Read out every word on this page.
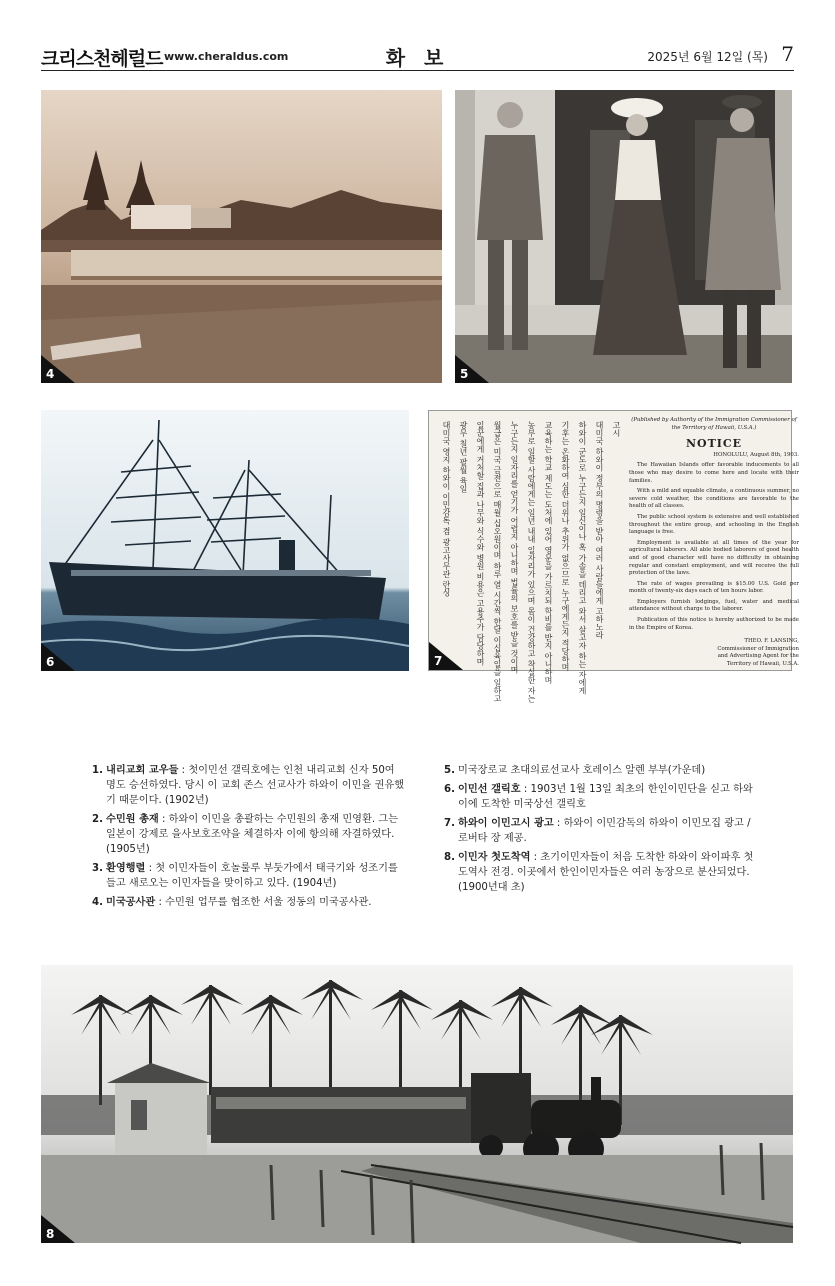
크리스천헤럴드 www.cheraldus.com	화 보	2025년 6월 12일 (목) 7
4	5
6
고시
대미국 하와이 정부의 명령을 받아 여러 사람들에게 고하노라
하와이 군도로 누구든지 일신이나 혹 가솔을 데리고 와서 살고자 하는 자에게
기후는 온화하여 심한 더위나 추위가 없으므로 누구에게든지 적당하며
교육하는 학교 제도는 도처에 있어 영문을 가르치되 학비를 받지 아니하며
농부로 일할 사람에게는 일년 내내 일자리가 있으며 몸이 건강하고 착실한 자는
누구든지 일자리를 얻기가 어렵지 아니하며 법률의 보호를 받을 것이며
월급은 미국 금전으로 매월 십오원이며 하루 열 시간씩 한달 이십육일을 일하고
일꾼에게 거처할 집과 나무와 식수와 병원 비용은 고용주가 담당하며
광무 칠년 팔월 육일
대미국 영지 하와이 이민감독 겸 광고사무관 란싱
(Published by Authority of the Immigration Commissioner of the Territory of Hawaii, U.S.A.)
NOTICE
HONOLULU, August 8th, 1903.

The Hawaiian Islands offer favorable inducements to all those who may desire to come here and locate with their families.

With a mild and equable climate, a continuous summer, no severe cold weather, the conditions are favorable to the health of all classes.

The public school system is extensive and well established throughout the entire group, and schooling in the English language is free.

Employment is available at all times of the year for agricultural laborers. All able bodied laborers of good health and of good character will have no difficulty in obtaining regular and constant employment, and will receive the full protection of the laws.

The rate of wages prevailing is $15.00 U.S. Gold per month of twenty-six days each of ten hours labor.

Employers furnish lodgings, fuel, water and medical attendance without charge to the laborer.

Publication of this notice is hereby authorized to be made in the Empire of Korea.

THEO. F. LANSING,
Commissioner of Immigration
and Advertising Agent for the
Territory of Hawaii, U.S.A.
7
1. 내리교회 교우들 : 첫이민선 갤릭호에는 인천 내리교회 신자 50여 명도 승선하였다. 당시 이 교회 존스 선교사가 하와이 이민을 권유했기 때문이다. (1902년)
2. 수민원 총재 : 하와이 이민을 총괄하는 수민원의 총재 민영환. 그는 일본이 강제로 을사보호조약을 체결하자 이에 항의해 자결하였다. (1905년)
3. 환영행렬 : 첫 이민자들이 호놀룰루 부둣가에서 태극기와 성조기를 들고 새로오는 이민자들을 맞이하고 있다. (1904년)
4. 미국공사관 : 수민원 업무를 협조한 서울 정동의 미국공사관.
5. 미국장로교 초대의료선교사 호레이스 알렌 부부(가운데)
6. 이민선 갤릭호 : 1903년 1월 13일 최초의 한인이민단을 싣고 하와이에 도착한 미국상선 갤릭호
7. 하와이 이민고시 광고 : 하와이 이민감독의 하와이 이민모집 광고 / 로버타 장 제공.
8. 이민자 첫도착역 : 초기이민자들이 처음 도착한 하와이 와이파후 첫도역사 전경. 이곳에서 한인이민자들은 여러 농장으로 분산되었다. (1900년대 초)
8
